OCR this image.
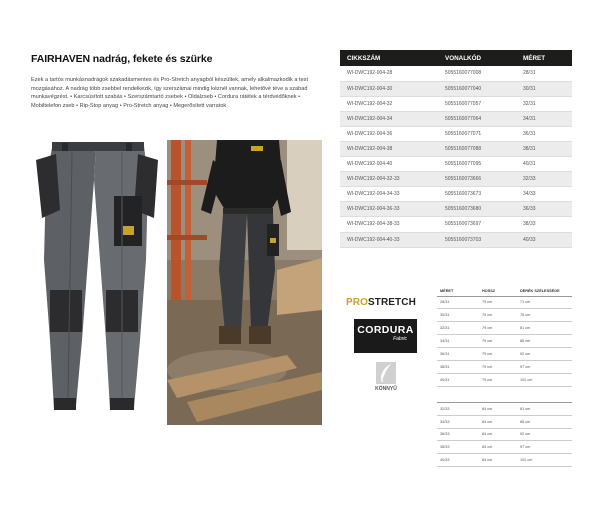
FAIRHAVEN nadrág, fekete és szürke
Ezek a tartós munkásnadrágok szakadásmentes és Pro-Stretch anyagból készültek, amely alkalmazkodik a test mozgásához. A nadrág több zsebbel rendelkezik, így szerszámai mindig kéznél vannak, lehetővé téve a szabad munkavégzést. • Karcsúsított szabás • Szerszámtartó zsebek • Oldalzseb • Cordura rátétek a térdvédőknek • Mobiltelefon zseb • Rip-Stop anyag • Pro-Stretch anyag • Megerősített varratok
CIKKSZÁM	VONALKÓD	MÉRET
WI-DWC192-004-28	5055160077008	28/31
WI-DWC192-004-30	5055160077040	30/31
WI-DWC192-004-32	5055160077057	32/31
WI-DWC192-004-34	5055160077064	34/31
WI-DWC192-004-36	5055160077071	36/31
WI-DWC192-004-38	5055160077088	38/31
WI-DWC192-004-40	5055160077095	40/31
WI-DWC192-004-32-33	5055160073666	32/33
WI-DWC192-004-34-33	5055160073673	34/33
WI-DWC192-004-36-33	5055160073680	36/33
WI-DWC192-004-38-33	5055160073697	38/33
WI-DWC192-004-40-33	5055160073703	40/33
PROSTRETCH
CORDURA
Fabric
KÖNNYŰ
MÉRET	HOSSZ	DERÉK SZÉLESSÉGE
28/31	79 cm	71 cm
30/31	79 cm	76 cm
32/31	79 cm	81 cm
34/31	79 cm	86 cm
36/31	79 cm	92 cm
38/31	79 cm	97 cm
40/31	79 cm	102 cm

32/33	84 cm	81 cm
34/33	84 cm	86 cm
36/33	84 cm	92 cm
38/33	84 cm	97 cm
40/33	84 cm	102 cm
